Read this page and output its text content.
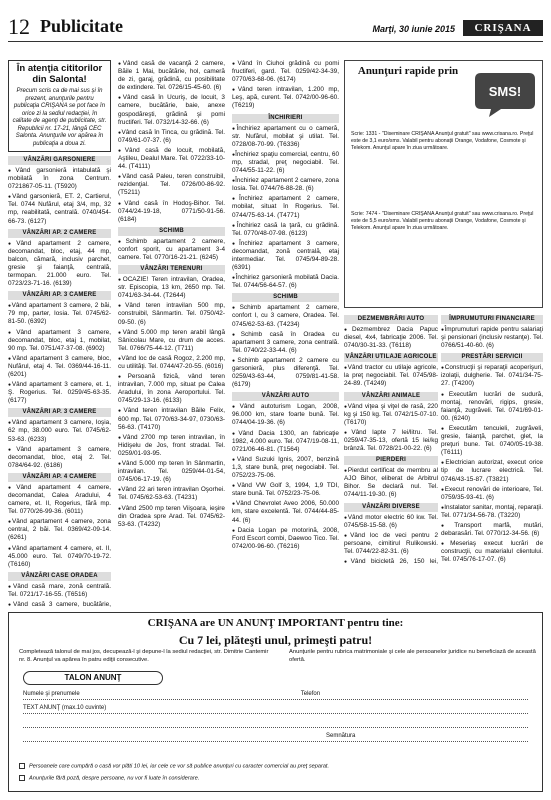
12 Publicitate	Marţi, 30 iunie 2015	CRIŞANA
În atenţia cititorilor din Salonta!

Precum scris ca de mai sus şi în prezent, anunţurile pentru publicaţia CRIŞANA se pot face în orice zi la sediul redacţiei, în calitate de agenţi de publicitate, str. Republicii nr. 17-21, lângă CEC Salonta. Anunţurile vor apărea în publicaţia a doua zi.

VÂNZĂRI GARSONIERE
● Vând garsonieră intabulată şi mobilată în zona Centrum. 0721867-05-11. (T5920)
● Vând garsonieră, ET. 2, Cartierul, Tel. 0744 Nufărul, etaj 3/4, mp, 32 mp, reabilitată, centrală. 0740/454-66-73. (6127)
VÂNZĂRI AP. 2 CAMERE
● Vând apartament 2 camere, decomandat, bloc, etaj, 44 mp, balcon, cămară, inclusiv parchet, gresie şi faianţă, centrală, termopan. 21.000 euro. Tel. 0723/23-71-16. (6139)
VÂNZĂRI AP. 3 CAMERE
● Vând apartament 3 camere, 2 băi, 79 mp, parter, Iosia. Tel. 0745/62-81-50. (6392)
● Vând apartament 3 camere, decomandat, bloc, etaj 1, mobilat, 90 mp. Tel. 0751/47-37-08. (6902)
● Vând apartament 3 camere, bloc, Nufărul, etaj 4. Tel. 0369/44-16-11. (6201)
● Vând apartament 3 camere, et. 1, Ş. Rogerius. Tel. 0259/45-63-35. (6177)
VÂNZĂRI AP. 3 CAMERE
● Vând apartament 3 camere, Ioşia, 62 mp, 38.000 euro. Tel. 0745/62-53-63. (6233)
● Vând apartament 3 camere, decomandat, bloc, etaj 2. Tel. 0784/64-92. (6186)
VÂNZĂRI AP. 4 CAMERE
● Vând apartament 4 camere, decomandat, Calea Aradului, 4 camere, et. II, Rogerius, fără mp. Tel. 0770/26-99-36. (6011)
● Vând apartament 4 camere, zona central, 2 băi. Tel. 0369/42-09-14. (6261)
● Vând apartament 4 camere, et. II, 45.000 euro. Tel. 0749/70-19-72. (T6160)
VÂNZĂRI CASE ORADEA
● Vând casă mare, zonă centrală. Tel. 0721/17-16-55. (T6516)
● Vând casă 3 camere, bucătărie,
● Vând casă de vacanţă 2 camere, Băile 1 Mai, bucătărie, hol, cameră de zi, garaj, grădină, cu posibilitate de extindere. Tel. 0726/15-45-60. (6)
● Vând casă în Ucuriş, de locuit, 3 camere, bucătărie, baie, anexe gospodăreşti, grădină şi pomi fructiferi. Tel. 0732/14-32-66. (6)
● Vând casă în Tinca, cu grădină. Tel. 0749/61-07-37. (6)
● Vând casă de locuit, mobilată, Aştileu, Dealul Mare. Tel. 0722/33-10-44. (T4111)
● Vând casă Paleu, teren construibil, rezidenţial. Tel. 0726/00-86-92. (T5211)
● Vând casă în Hodoş-Bihor. Tel. 0744/24-19-18, 0771/50-91-56. (6184)
SCHIMB
● Schimb apartament 2 camere, confort sporit, cu apartament 3-4 camere. Tel. 0770/16-21-21. (6245)
VÂNZĂRI TERENURI
● OCAZIE! Teren intravilan, Oradea, str. Episcopia, 13 km, 2650 mp. Tel. 0741/63-34-44. (T2644)
● Vând teren intravilan 500 mp, construibil, Sânmartin. Tel. 0750/42-09-50. (6)
● Vând 5.000 mp teren arabil lângă Sânicolau Mare, cu drum de acces. Tel. 0766/75-44-12. (T711)
● Vând loc de casă Rogoz, 2.200 mp, cu utilităţi. Tel. 0744/47-20-55. (6016)
● Persoană fizică, vând teren intravilan, 7.000 mp, situat pe Calea Aradului, în zona Aeroportului. Tel. 0745/29-13-16. (6133)
● Vând teren intravilan Băile Felix, 600 mp. Tel. 0770/63-34-97, 0730/63-56-63. (T4170)
● Vând 2700 mp teren intravilan, în Hidişelu de Jos, front stradal. Tel. 0259/01-93-95.
● Vând 5.000 mp teren în Sânmartin, intravilan. Tel. 0259/44-01-54, 0745/06-17-19. (6)
● Vând 22 ari teren intravilan Oşorhei. Tel. 0745/62-53-63. (T4231)
● Vând 2500 mp teren Viişoara, ieşire din Oradea spre Arad. Tel. 0745/62-53-63. (T4232)
● Vând în Ciuhoi grădină cu pomi fructiferi, gard. Tel. 0259/42-34-39, 0770/63-68-06. (6174)
● Vând teren intravilan, 1.200 mp, Leş, apă, curent. Tel. 0742/00-96-60. (T6219)
ÎNCHIRIERI
● Închiriez apartament cu o cameră, str. Nufărul, mobilat şi utilat. Tel. 0728/08-70-99. (T6336)
● Închiriez spaţiu comercial, centru, 60 mp, stradal, preţ negociabil. Tel. 0744/55-11-22. (6)
● Închiriez apartament 2 camere, zona Iosia. Tel. 0744/76-88-28. (6)
● Închiriez apartament 2 camere, mobilat, situat în Rogerius. Tel. 0744/75-63-14. (T4771)
● Închiriez casă la ţară, cu grădină. Tel. 0770/48-07-98. (6123)
● Închiriez apartament 3 camere, decomandat, zonă centrală, etaj intermediar. Tel. 0745/94-89-28. (6391)
● Închiriez garsonieră mobilată Dacia. Tel. 0744/56-64-57. (6)
SCHIMB
● Schimb apartament 2 camere, confort I, cu 3 camere, Oradea. Tel. 0745/62-53-63. (T4234)
● Schimb casă în Oradea cu apartament 3 camere, zona centrală. Tel. 0740/22-33-44. (6)
● Schimb apartament 2 camere cu garsonieră, plus diferenţă. Tel. 0259/43-63-44, 0759/81-41-58. (6179)
VÂNZĂRI AUTO
● Vând autoturism Logan, 2008, 96.000 km, stare foarte bună. Tel. 0744/04-19-36. (6)
● Vând Dacia 1300, an fabricaţie 1982, 4.000 euro. Tel. 0747/19-08-11, 0721/06-46-81. (T1564)
● Vând Suzuki Ignis, 2007, benzină 1,3, stare bună, preţ negociabil. Tel. 0752/23-75-06.
● Vând VW Golf 3, 1994, 1,9 TDI, stare bună. Tel. 0752/23-75-06.
● Vând Chevrolet Aveo 2006, 50.000 km, stare excelentă. Tel. 0744/44-85-44. (6)
● Dacia Logan pe motorină, 2008, Ford Escort combi, Daewoo Tico. Tel. 0742/00-96-60. (T6216)
Anunţuri rapide prin
SMS!
Scrie: 1331 - "Diseminare CRIŞANA Anunţul gratuit" sau www.crisana.ro. Preţul este de 3,1 euro/sms. Valabil pentru abonaţii Orange, Vodafone, Cosmote şi Telekom. Anunţul apare în ziua următoare.
Scrie: 7474 - "Diseminare CRIŞANA Anunţul gratuit" sau www.crisana.ro. Preţul este de 5,5 euro/sms. Valabil pentru abonaţii Orange, Vodafone, Cosmote şi Telekom. Anunţul apare în ziua următoare.
DEZMEMBRĂRI AUTO
● Dezmembrez Dacia Papuc diesel, 4x4, fabricaţie 2006. Tel. 0740/30-31-33. (T6118)
VÂNZĂRI UTILAJE AGRICOLE
● Vând tractor cu utilaje agricole, la preţ negociabil. Tel. 0745/98-24-89. (T4249)
VÂNZĂRI ANIMALE
● Vând viţea şi viţel de rasă, 220 kg şi 150 kg. Tel. 0742/15-07-10. (T6170)
● Vând lapte 7 lei/litru. Tel. 0259/47-35-13, ofertă 15 lei/kg brânză. Tel. 0728/21-00-22. (6)
PIERDERI
● Pierdut certificat de membru al AJO Bihor, eliberat de Arbitrul Bihor. Se declară nul. Tel. 0744/11-19-30. (6)
VÂNZĂRI DIVERSE
● Vând motor electric 60 kw. Tel. 0745/58-15-58. (6)
● Vând loc de veci pentru 2 persoane, cimitirul Rulikowski. Tel. 0744/22-82-31. (6)
● Vând bicicletă 26, 150 lei,
ÎMPRUMUTURI FINANCIARE
● Împrumuturi rapide pentru salariaţi şi pensionari (inclusiv restanţe). Tel. 0766/51-40-60. (6)
PRESTĂRI SERVICII
● Construcţii şi reparaţii acoperişuri, izolaţii, dulgherie. Tel. 0741/34-75-27. (T4200)
● Executăm lucrări de sudură, montaj, renovări, rigips, gresie, faianţă, zugrăveli. Tel. 0741/69-01-00. (6240)
● Executăm tencuieli, zugrăveli, gresie, faianţă, parchet, glet, la preţuri bune. Tel. 0740/05-19-38. (T6111)
● Electrician autorizat, execut orice tip de lucrare electrică. Tel. 0746/43-15-87. (T3821)
● Execut renovări de interioare, Tel. 0759/35-93-41. (6)
● Instalator sanitar, montaj, reparaţii. Tel. 0771/34-56-78. (T3220)
● Transport marfă, mutări, debarasări. Tel. 0770/12-34-56. (6)
● Meseriaş execut lucrări de construcţii, cu materialul clientului. Tel. 0745/76-17-07. (6)
CRIŞANA are UN ANUNŢ IMPORTANT pentru tine:
Cu 7 lei, plăteşti unul, primeşti patru!
Completează talonul de mai jos, decupează-l şi depune-l la sediul redacţiei, str. Dimitrie Cantemir nr. 8. Anunţul va apărea în patru ediţii consecutive.
Anunţurile pentru rubrica matrimoniale şi cele ale persoanelor juridice nu beneficiază de această ofertă.
TALON ANUNŢ
Numele şi prenumele	Telefon
TEXT ANUNŢ (max.10 cuvinte)
Semnătura
Persoanele care cumpără o casă vor plăti 10 lei, iar cele ce vor să publice anunţuri cu caracter comercial au preţ separat.
Anunţurile fără poză, despre persoane, nu vor fi luate în considerare.
